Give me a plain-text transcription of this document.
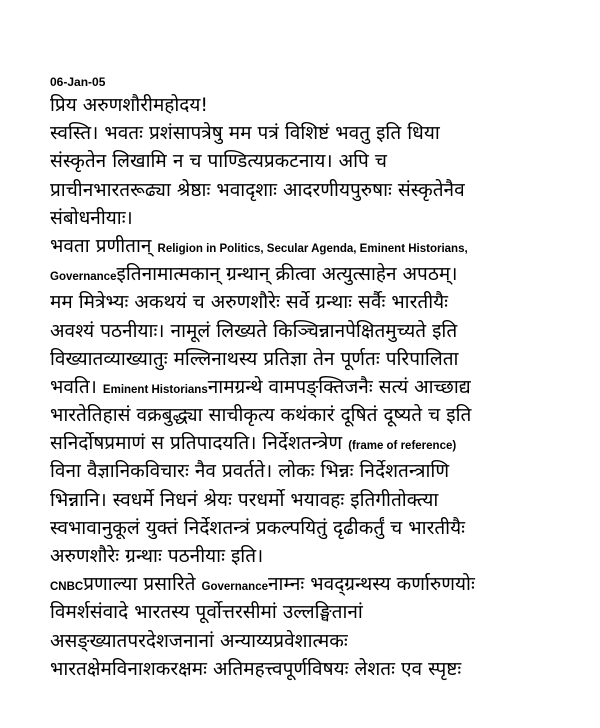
06-Jan-05
प्रिय अरुणशौरीमहोदय!
स्वस्ति। भवतः प्रशंसापत्रेषु मम पत्रं विशिष्टं भवतु इति धिया
संस्कृतेन लिखामि न च पाण्डित्यप्रकटनाय। अपि च
प्राचीनभारतरूढ्या श्रेष्ठाः भवादृशाः आदरणीयपुरुषाः संस्कृतेनैव
संबोधनीयाः।
भवता प्रणीतान् Religion in Politics, Secular Agenda, Eminent Historians,
Governanceइतिनामात्मकान् ग्रन्थान् क्रीत्वा अत्युत्साहेन अपठम्।
मम मित्रेभ्यः अकथयं च अरुणशौरेः सर्वे ग्रन्थाः सर्वैः भारतीयैः
अवश्यं पठनीयाः। नामूलं लिख्यते किञ्चिन्नानपेक्षितमुच्यते इति
विख्यातव्याख्यातुः मल्लिनाथस्य प्रतिज्ञा तेन पूर्णतः परिपालिता
भवति। Eminent Historiansनामग्रन्थे वामपङ्क्तिजनैः सत्यं आच्छाद्य
भारतेतिहासं वक्रबुद्ध्या साचीकृत्य कथंकारं दूषितं दूष्यते च इति
सनिर्दोषप्रमाणं स प्रतिपादयति। निर्देशतन्त्रेण (frame of reference)
विना वैज्ञानिकविचारः नैव प्रवर्तते। लोकः भिन्नः निर्देशतन्त्राणि
भिन्नानि। स्वधर्मे निधनं श्रेयः परधर्मो भयावहः इतिगीतोक्त्या
स्वभावानुकूलं युक्तं निर्देशतन्त्रं प्रकल्पयितुं दृढीकर्तुं च भारतीयैः
अरुणशौरेः ग्रन्थाः पठनीयाः इति।
CNBCप्रणाल्या प्रसारिते Governanceनाम्नः भवद्ग्रन्थस्य कर्णारुणयोः
विमर्शसंवादे भारतस्य पूर्वोत्तरसीमां उल्लङ्घितानां
असङ्ख्यातपरदेशजनानां अन्याय्यप्रवेशात्मकः
भारतक्षेमविनाशकरक्षमः अतिमहत्त्वपूर्णविषयः लेशतः एव स्पृष्टः
